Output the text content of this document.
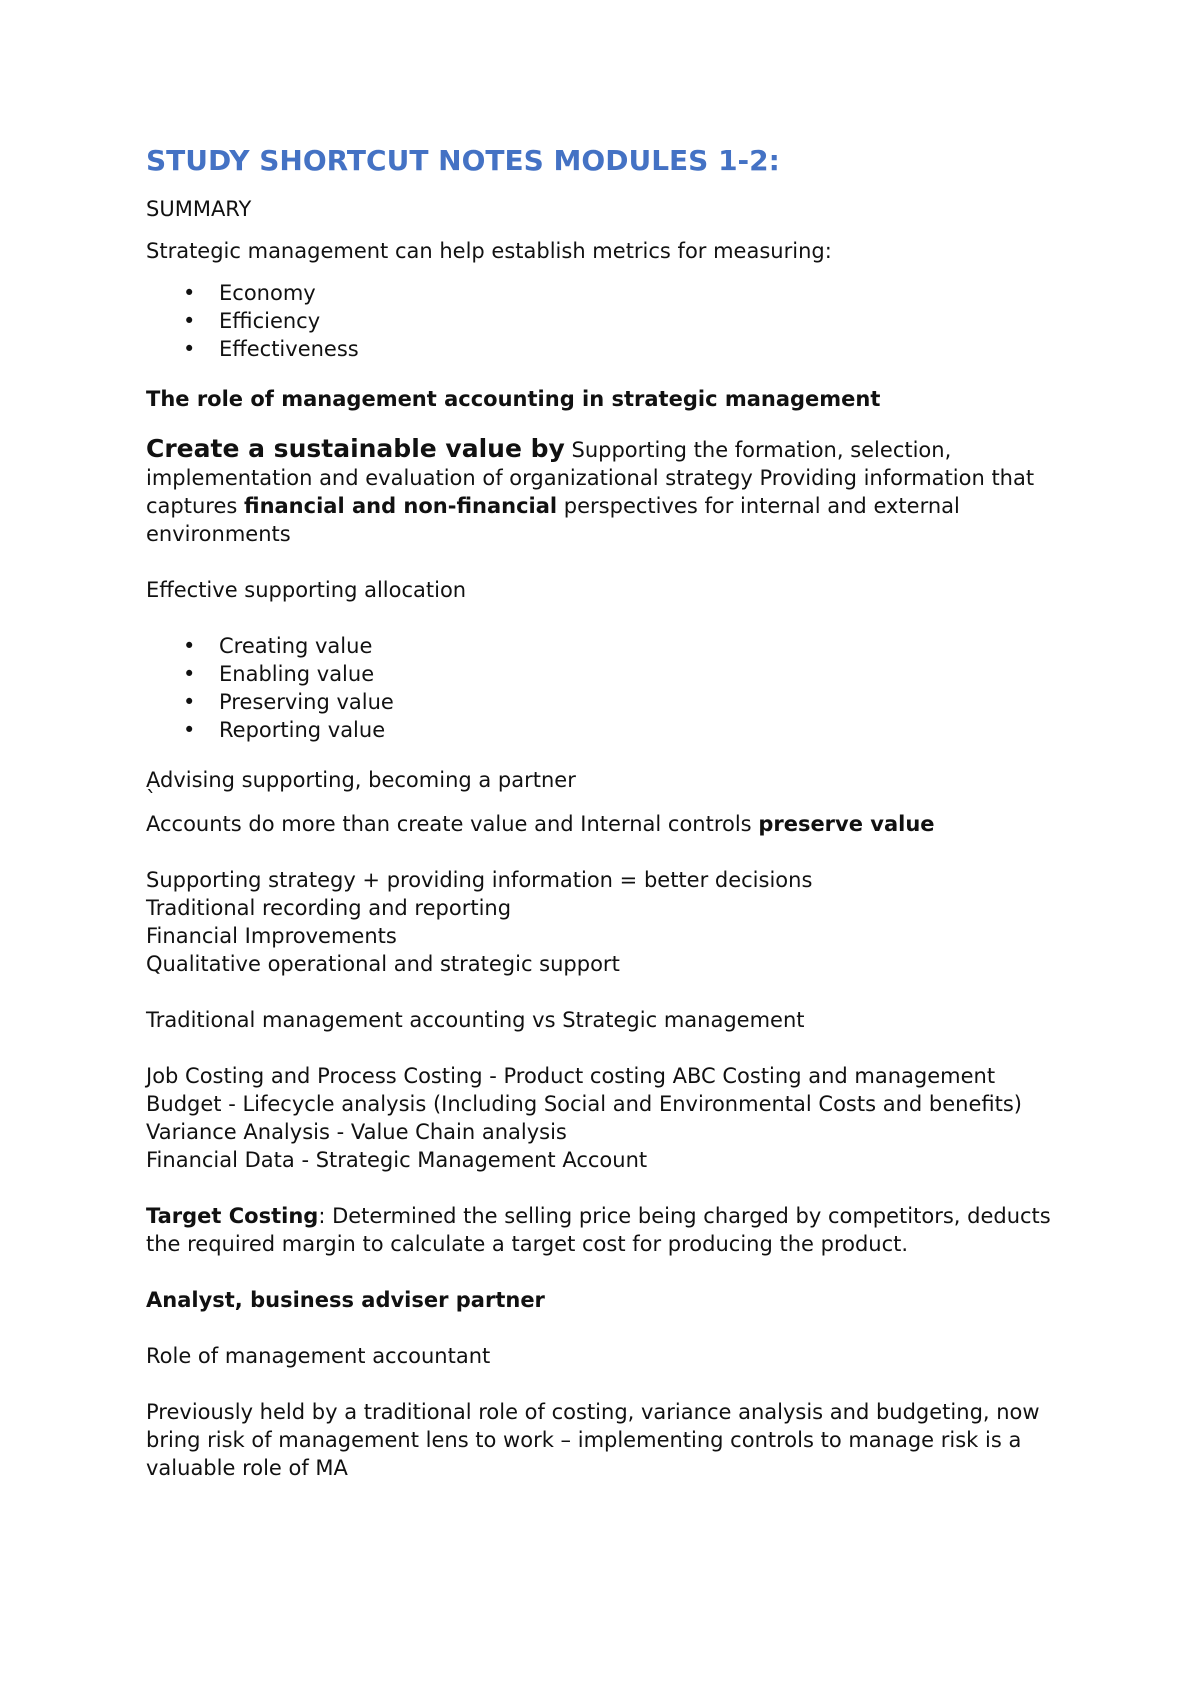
STUDY SHORTCUT NOTES MODULES 1-2:

SUMMARY

Strategic management can help establish metrics for measuring:

• Economy
• Efficiency
• Effectiveness

The role of management accounting in strategic management

Create a sustainable value by Supporting the formation, selection, implementation and evaluation of organizational strategy Providing information that captures financial and non-financial perspectives for internal and external environments

Effective supporting allocation

• Creating value
• Enabling value
• Preserving value
• Reporting value

Advising supporting, becoming a partner

`

Accounts do more than create value and Internal controls preserve value

Supporting strategy + providing information = better decisions
Traditional recording and reporting
Financial Improvements
Qualitative operational and strategic support

Traditional management accounting vs Strategic management

Job Costing and Process Costing - Product costing ABC Costing and management
Budget - Lifecycle analysis (Including Social and Environmental Costs and benefits)
Variance Analysis - Value Chain analysis
Financial Data - Strategic Management Account

Target Costing: Determined the selling price being charged by competitors, deducts the required margin to calculate a target cost for producing the product.

Analyst, business adviser partner

Role of management accountant

Previously held by a traditional role of costing, variance analysis and budgeting, now bring risk of management lens to work – implementing controls to manage risk is a valuable role of MA
